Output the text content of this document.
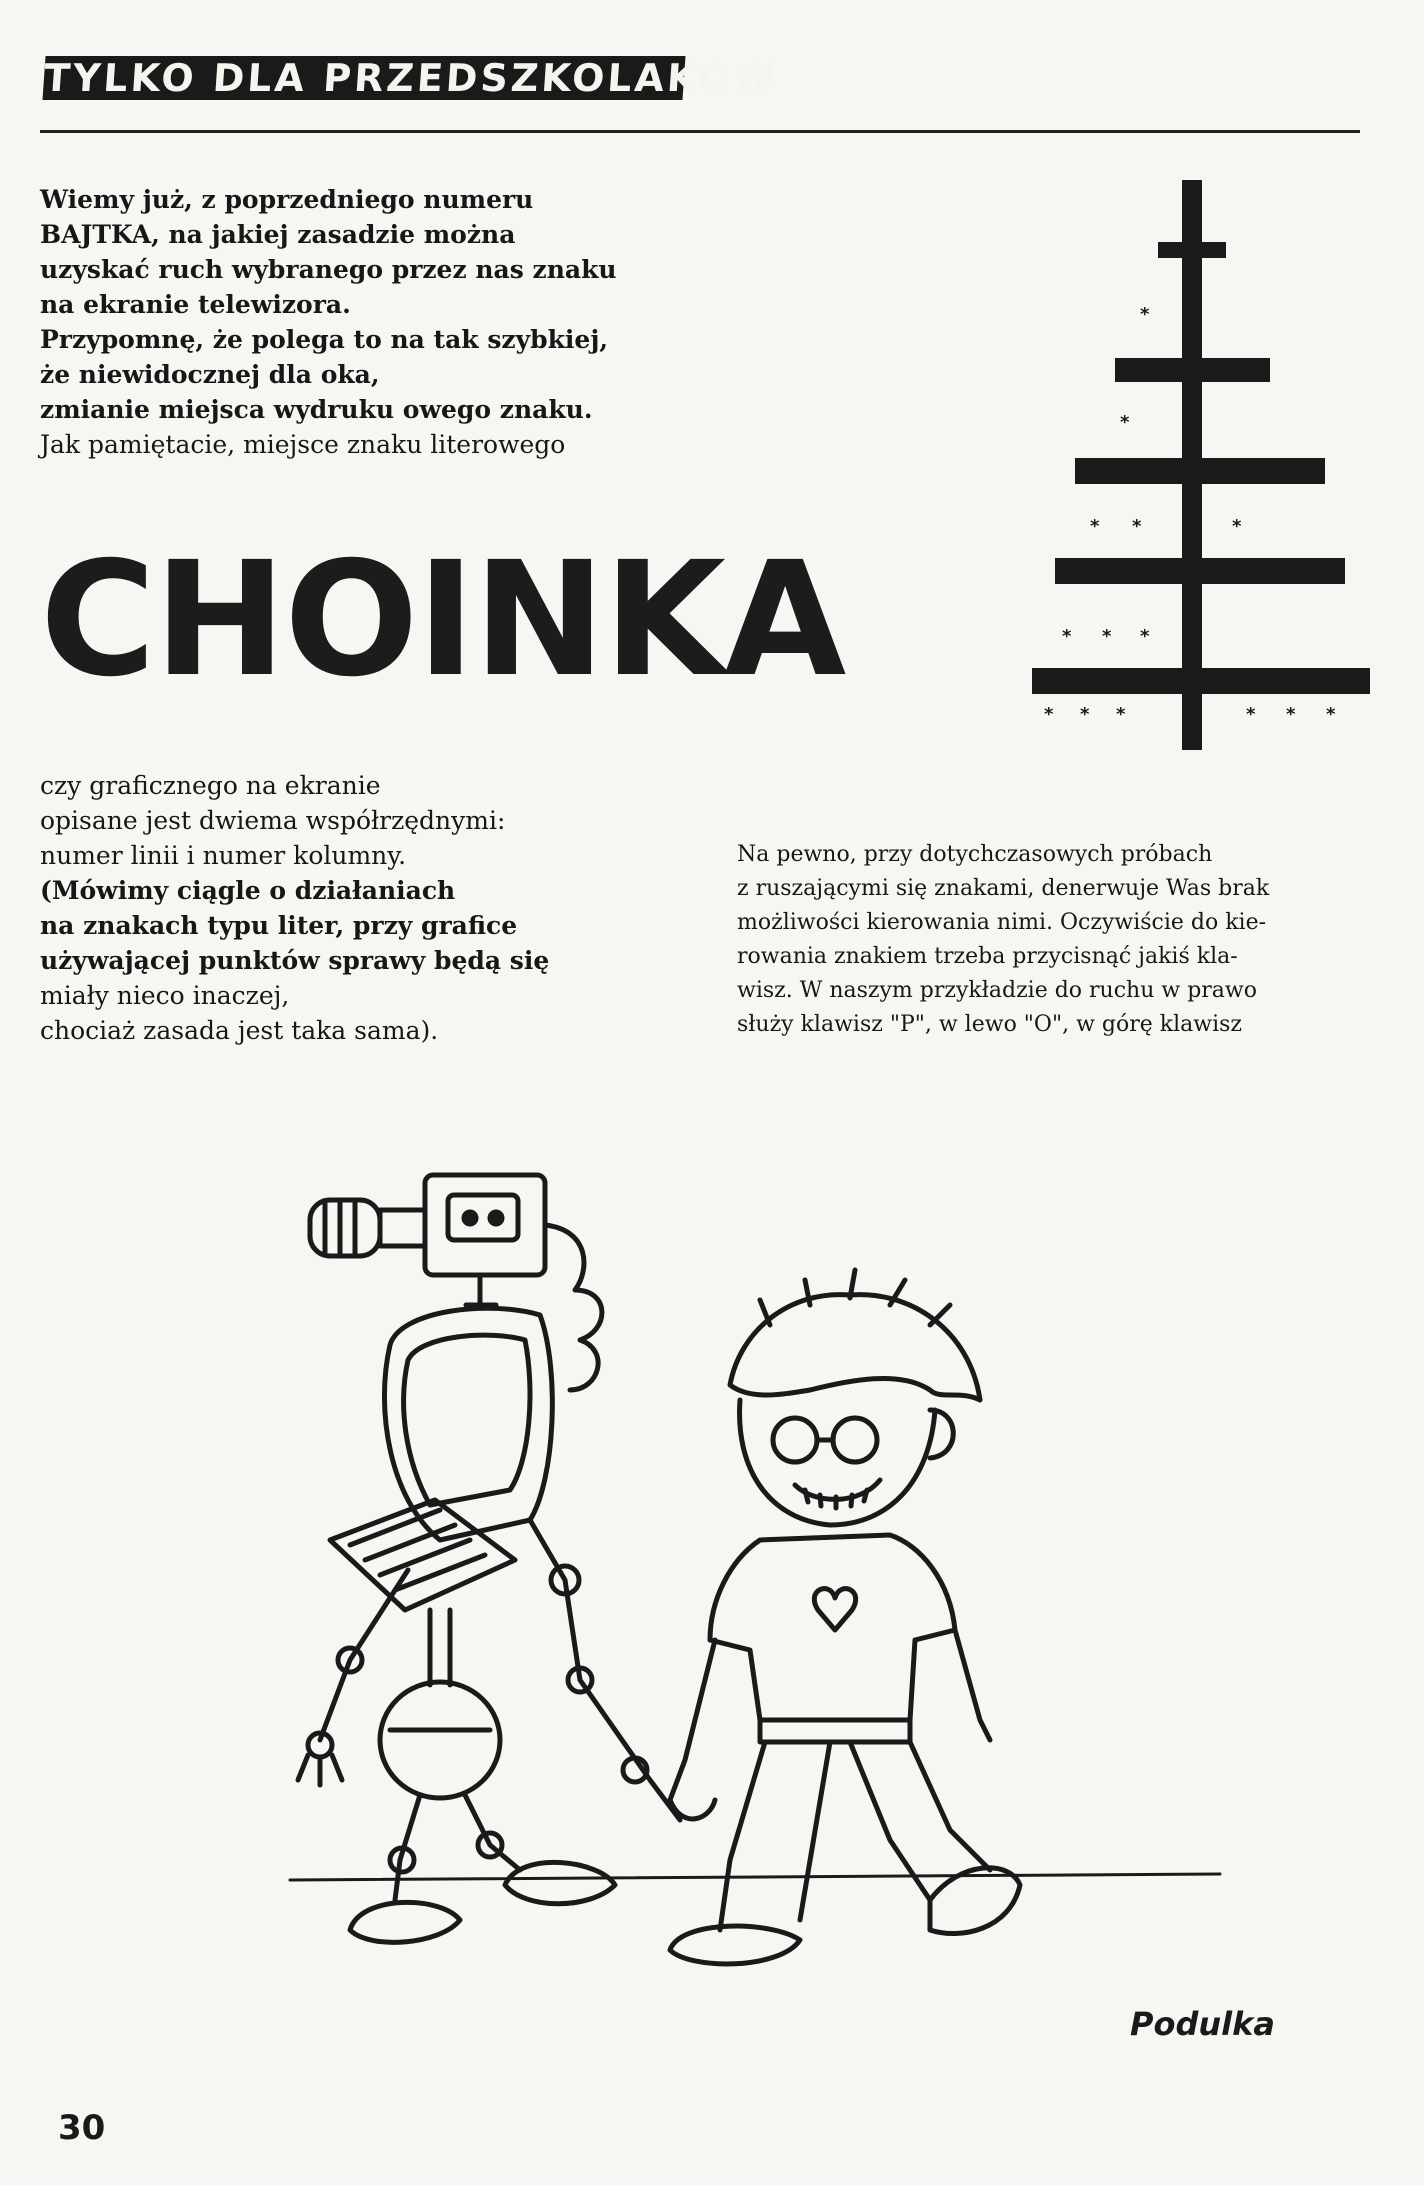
TYLKO DLA PRZEDSZKOLAKÓW
Wiemy już, z poprzedniego numeru
BAJTKA, na jakiej zasadzie można
uzyskać ruch wybranego przez nas znaku
na ekranie telewizora.
Przypomnę, że polega to na tak szybkiej,
że niewidocznej dla oka,
zmianie miejsca wydruku owego znaku.
Jak pamiętacie, miejsce znaku literowego
CHOINKA
*
*
* *	*
* * *
* * *	* * *
czy graficznego na ekranie
opisane jest dwiema współrzędnymi:
numer linii i numer kolumny.
(Mówimy ciągle o działaniach
na znakach typu liter, przy grafice
używającej punktów sprawy będą się
miały nieco inaczej,
chociaż zasada jest taka sama).
Na pewno, przy dotychczasowych próbach
z ruszającymi się znakami, denerwuje Was brak
możliwości kierowania nimi. Oczywiście do kie-
rowania znakiem trzeba przycisnąć jakiś kla-
wisz. W naszym przykładzie do ruchu w prawo
służy klawisz "P", w lewo "O", w górę klawisz
Podulka
30
